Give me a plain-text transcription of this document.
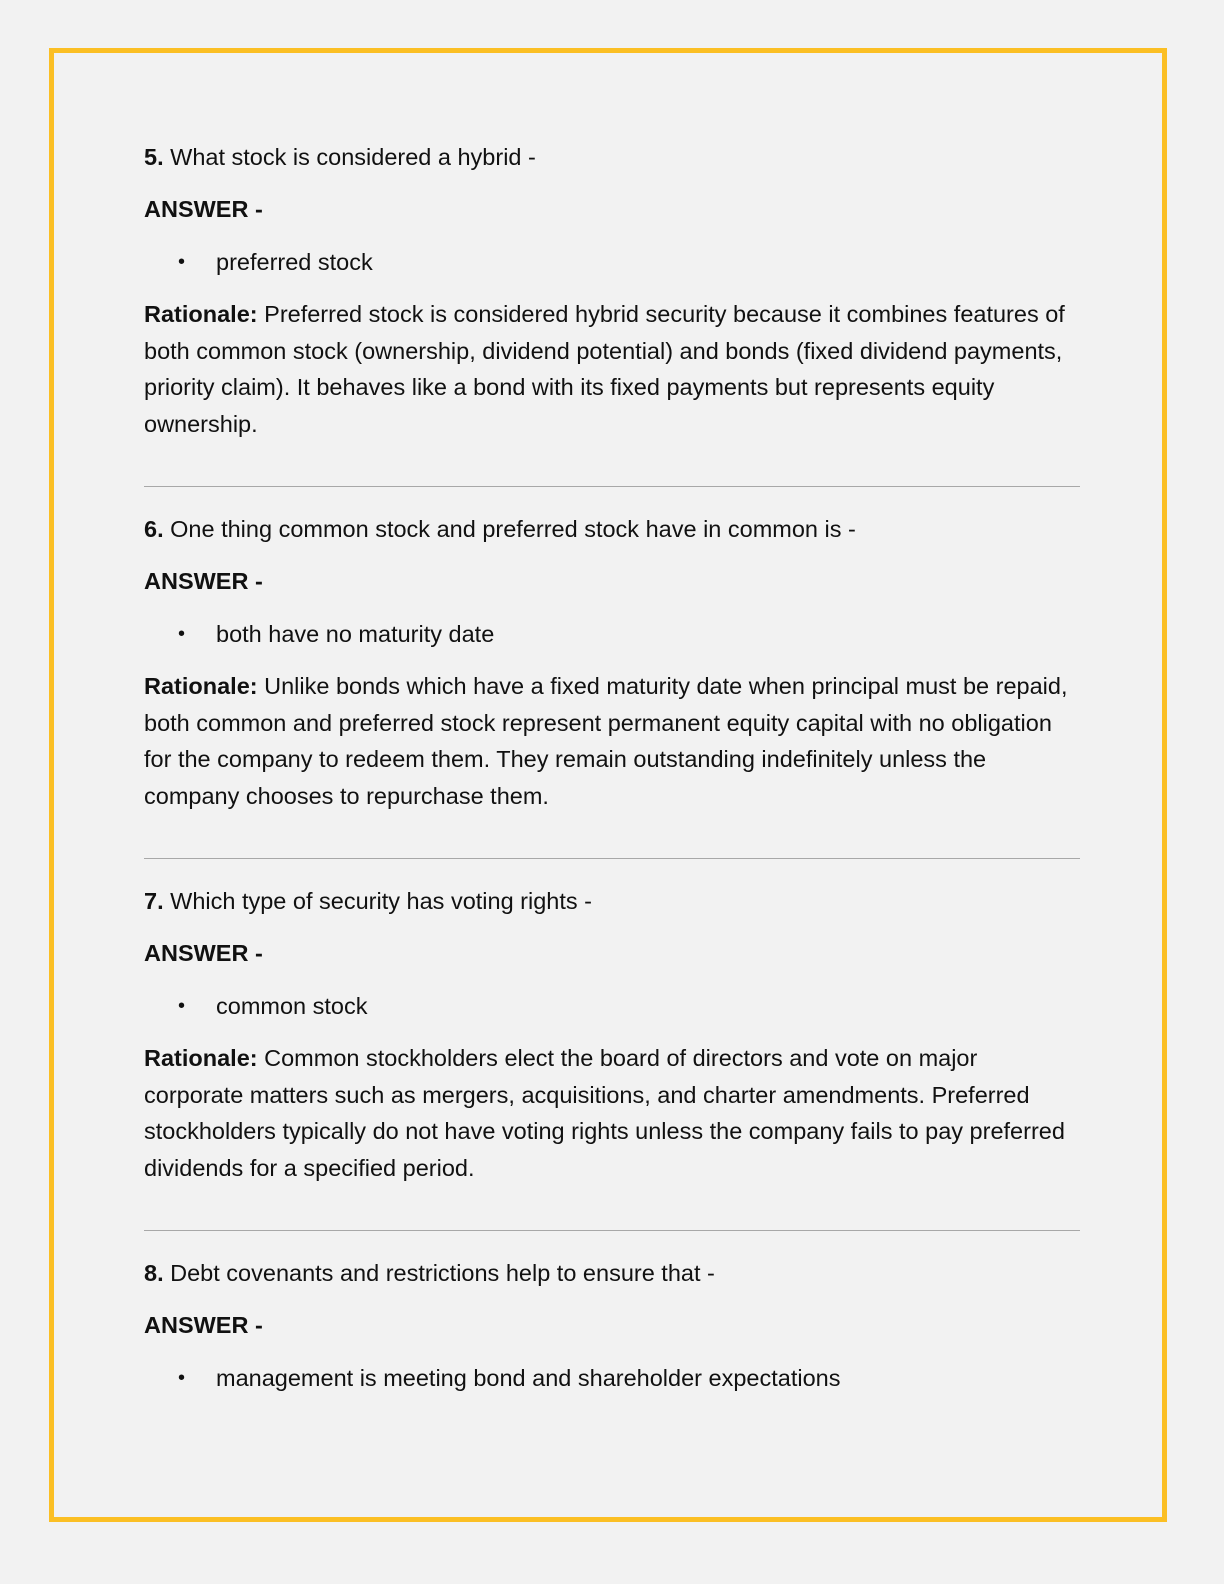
5. What stock is considered a hybrid -

ANSWER -

• preferred stock

Rationale: Preferred stock is considered hybrid security because it combines features of both common stock (ownership, dividend potential) and bonds (fixed dividend payments, priority claim). It behaves like a bond with its fixed payments but represents equity ownership.

6. One thing common stock and preferred stock have in common is -

ANSWER -

• both have no maturity date

Rationale: Unlike bonds which have a fixed maturity date when principal must be repaid, both common and preferred stock represent permanent equity capital with no obligation for the company to redeem them. They remain outstanding indefinitely unless the company chooses to repurchase them.

7. Which type of security has voting rights -

ANSWER -

• common stock

Rationale: Common stockholders elect the board of directors and vote on major corporate matters such as mergers, acquisitions, and charter amendments. Preferred stockholders typically do not have voting rights unless the company fails to pay preferred dividends for a specified period.

8. Debt covenants and restrictions help to ensure that -

ANSWER -

• management is meeting bond and shareholder expectations
